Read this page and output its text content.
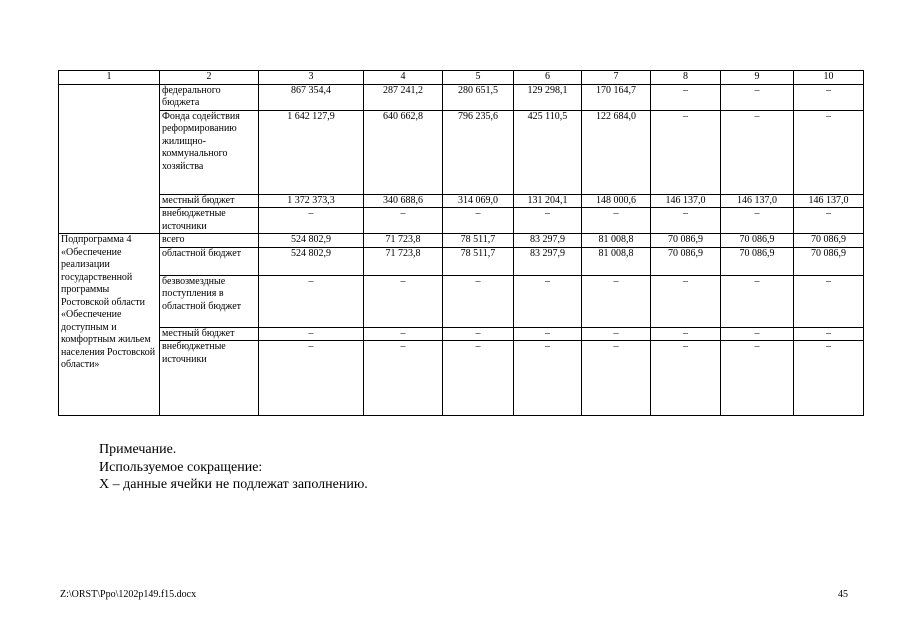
1	2	3	4	5	6	7	8	9	10
	федерального бюджета	867 354,4	287 241,2	280 651,5	129 298,1	170 164,7	–	–	–
	Фонда содействия реформированию жилищно-коммунального хозяйства	1 642 127,9	640 662,8	796 235,6	425 110,5	122 684,0	–	–	–
	местный бюджет	1 372 373,3	340 688,6	314 069,0	131 204,1	148 000,6	146 137,0	146 137,0	146 137,0
	внебюджетные источники	–	–	–	–	–	–	–	–
Подпрограмма 4 «Обеспечение реализации государственной программы Ростовской области «Обеспечение доступным и комфортным жильем населения Ростовской области»	всего	524 802,9	71 723,8	78 511,7	83 297,9	81 008,8	70 086,9	70 086,9	70 086,9
	областной бюджет	524 802,9	71 723,8	78 511,7	83 297,9	81 008,8	70 086,9	70 086,9	70 086,9
	безвозмездные поступления в областной бюджет	–	–	–	–	–	–	–	–
	местный бюджет	–	–	–	–	–	–	–	–
	внебюджетные источники	–	–	–	–	–	–	–	–
Примечание.
Используемое сокращение:
Х – данные ячейки не подлежат заполнению.
Z:\ORST\Ppo\1202p149.f15.docx	45
